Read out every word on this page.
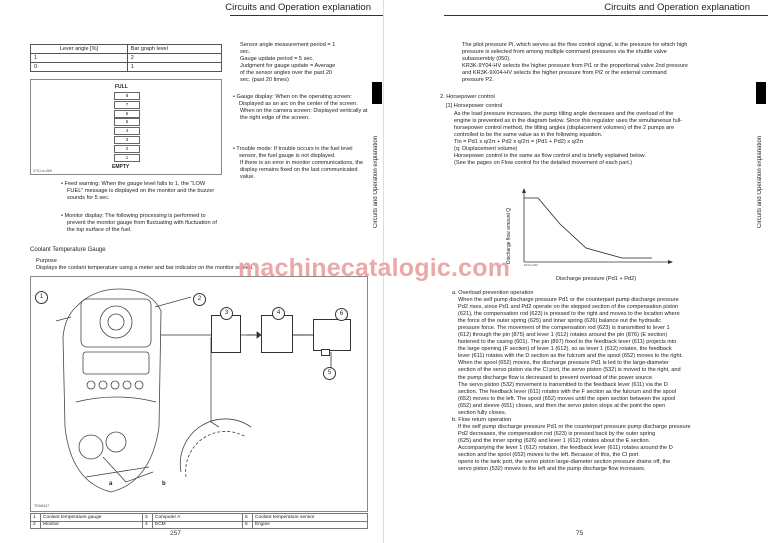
Circuits and Operation explanation
Circuits and Operation explanation
Lever angle [%]	Bar graph level
1	2
0	1
FULL
8
7
6
5
4
3
2
1
EMPTY
273J-m-069
• Feed warning: When the gauge level falls to 1, the "LOW FUEL" message is displayed on the monitor and the buzzer sounds for 5 sec.
• Monitor display: The following processing is performed to prevent the monitor gauge from fluctuating with fluctuation of the top surface of the fuel.
Sensor angle measurement period = 1
sec.
Gauge update period = 5 sec.
Judgment for gauge update = Average
of the sensor angles over the past 20
sec. (past 20 times)
• Gauge display: When on the operating screen: Displayed as an arc on the center of the screen.
When on the camera screen: Displayed vertically at the right edge of the screen.
• Trouble mode: If trouble occurs in the fuel level sensor, the fuel gauge is not displayed.
If there is an error in monitor communications, the display remains fixed on the last communicated value.
Coolant Temperature Gauge
Purpose
Displays the coolant temperature using a meter and bar indicator on the monitor screen.
1	2
3	4	6
5
a	b
TRAB437
1	Coolant temperature gauge	3	Computer A	5	Coolant temperature sensor
2	Monitor	4	ECM	6	Engine
257
Circuits and Operation explanation
Circuits and Operation explanation
The pilot pressure Pi, which serves as the flow control signal, is the pressure for which high
pressure is selected from among multiple command pressures via the shuttle valve
subassembly (050).
KR3K-9Y04-HV selects the higher pressure from Pi1 or the proportional valve 2nd pressure
and KR3K-9X04-HV selects the higher pressure from Pi2 or the external command
pressure P2.
2. Horsepower control
[1] Horsepower control
As the load pressure increases, the pump tilting angle decreases and the overload of the
engine is prevented as in the diagram below. Since this regulator uses the simultaneous full-
horsepower control method, the tilting angles (displacement volumes) of the 2 pumps are
controlled to be the same value as in the following equation.
Tin = Pd1 x q/2π + Pd2 x q/2π = (Pd1 + Pd2) x q/2π
(q: Displacement volume)
Horsepower control is the same as flow control and is briefly explained below.
(See the pages on Flow control for the detailed movement of each part.)
Discharge flow amount Q
ETAH-002
Discharge pressure (Pd1 + Pd2)
a. Overload prevention operation
When the self pump discharge pressure Pd1 or the counterpart pump discharge pressure
Pd2 rises, since Pd1 and Pd2 operate on the stepped section of the compensation piston
(621), the compensation rod (623) is pressed to the right and moves to the location where
the force of the outer spring (625) and inner spring (626) balance out the hydraulic
pressure force. The movement of the compensation rod (623) is transmitted to lever 1
(612) through the pin (875) and lever 1 (612) rotates around the pin (876) (E section)
fastened to the casing (601). The pin (897) fixed to the feedback lever (611) projects into
the large opening (F section) of lever 1 (612), so as lever 1 (612) rotates, the feedback
lever (611) rotates with the D section as the fulcrum and the spool (652) moves to the right.
When the spool (652) moves, the discharge pressure Pd1 is led to the large-diameter
section of the servo piston via the Cl port, the servo piston (532) is moved to the right, and
the pump discharge flow is decreased to prevent overload of the power source.
The servo piston (532) movement is transmitted to the feedback lever (611) via the D
section. The feedback lever (611) rotates with the F section as the fulcrum and the spool
(652) moves to the left. The spool (652) moves until the open section between the spool
(652) and sleeve (651) closes, and then the servo piston stops at the point the open
section fully closes.
b. Flow return operation
If the self pump discharge pressure Pd1 or the counterpart pressure pump discharge pressure
Pd2 decreases, the compensation rod (623) is pressed back by the outer spring
(625) and the inner spring (626) and lever 1 (612) rotates about the E section.
Accompanying the lever 1 (612) rotation, the feedback lever (611) rotates around the D
section and the spool (652) moves to the left. Because of this, the Cl port
opens to the tank port, the servo piston large-diameter section pressure drains off, the
servo piston (532) moves to the left and the pump discharge flow increases.
75
machinecatalogic.com
